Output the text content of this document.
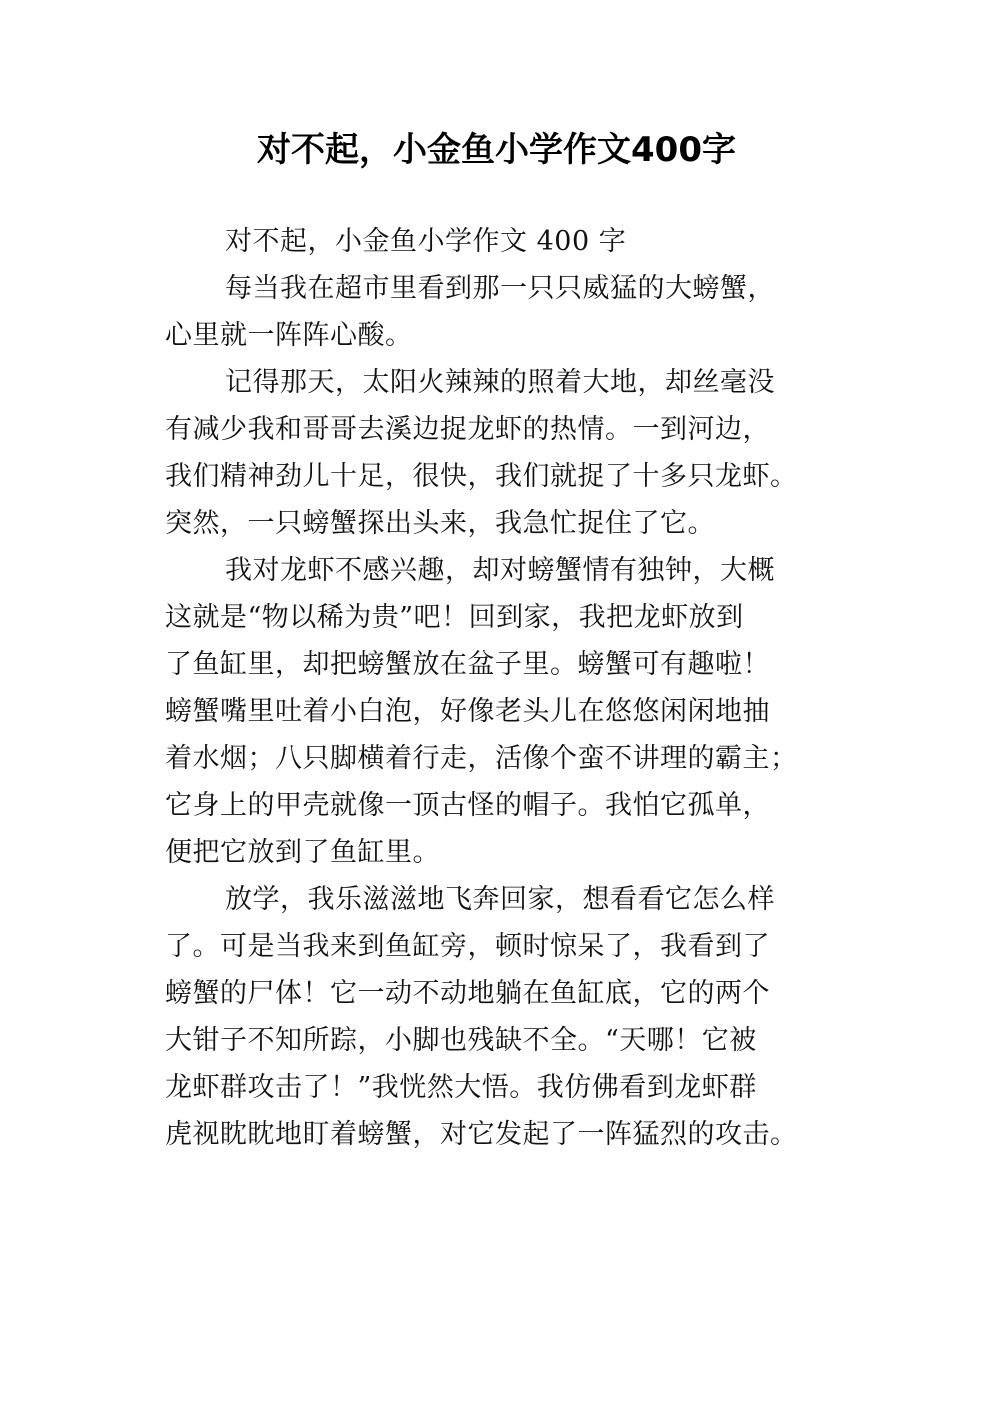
对不起，小金鱼小学作文400字
对不起，小金鱼小学作文 400 字
每当我在超市里看到那一只只威猛的大螃蟹，
心里就一阵阵心酸。
记得那天，太阳火辣辣的照着大地，却丝毫没
有减少我和哥哥去溪边捉龙虾的热情。一到河边，
我们精神劲儿十足，很快，我们就捉了十多只龙虾。
突然，一只螃蟹探出头来，我急忙捉住了它。
我对龙虾不感兴趣，却对螃蟹情有独钟，大概
这就是“物以稀为贵”吧！回到家，我把龙虾放到
了鱼缸里，却把螃蟹放在盆子里。螃蟹可有趣啦！
螃蟹嘴里吐着小白泡，好像老头儿在悠悠闲闲地抽
着水烟；八只脚横着行走，活像个蛮不讲理的霸主；
它身上的甲壳就像一顶古怪的帽子。我怕它孤单，
便把它放到了鱼缸里。
放学，我乐滋滋地飞奔回家，想看看它怎么样
了。可是当我来到鱼缸旁，顿时惊呆了，我看到了
螃蟹的尸体！它一动不动地躺在鱼缸底，它的两个
大钳子不知所踪，小脚也残缺不全。“天哪！它被
龙虾群攻击了！”我恍然大悟。我仿佛看到龙虾群
虎视眈眈地盯着螃蟹，对它发起了一阵猛烈的攻击。
